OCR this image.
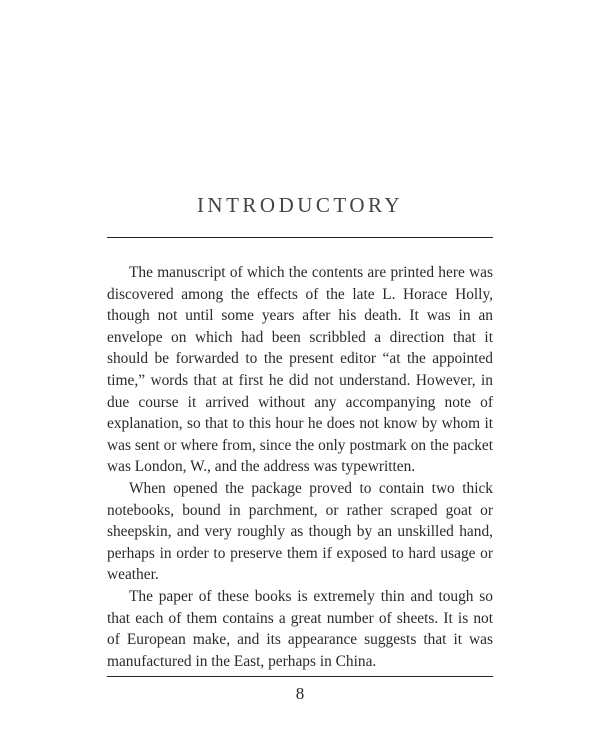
INTRODUCTORY

The manuscript of which the contents are printed here was discovered among the effects of the late L. Horace Holly, though not until some years after his death. It was in an envelope on which had been scribbled a direction that it should be forwarded to the present editor “at the appointed time,” words that at first he did not understand. However, in due course it arrived without any accompanying note of explanation, so that to this hour he does not know by whom it was sent or where from, since the only postmark on the packet was London, W., and the address was typewritten.

When opened the package proved to contain two thick notebooks, bound in parchment, or rather scraped goat or sheepskin, and very roughly as though by an unskilled hand, perhaps in order to preserve them if exposed to hard usage or weather.

The paper of these books is extremely thin and tough so that each of them contains a great number of sheets. It is not of European make, and its appearance suggests that it was manufactured in the East, perhaps in China.

8
